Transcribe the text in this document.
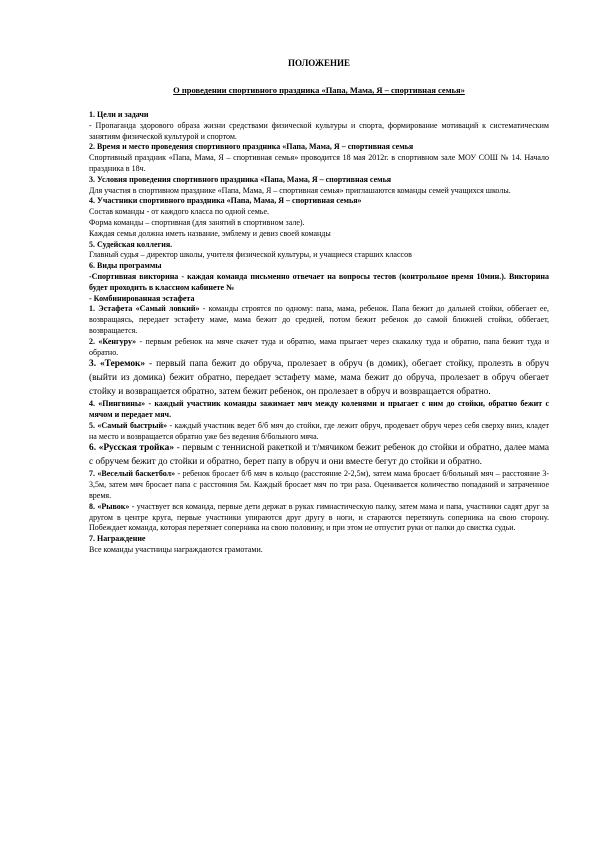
ПОЛОЖЕНИЕ

О проведении спортивного праздника «Папа, Мама, Я – спортивная семья»

1. Цели и задачи

- Пропаганда здорового образа жизни средствами физической культуры и спорта, формирование мотиваций к систематическим занятиям физической культурой и спортом.

2. Время и место проведения спортивного праздника «Папа, Мама, Я – спортивная семья

Спортивный праздник «Папа, Мама, Я – спортивная семья» проводится 18 мая 2012г. в спортивном зале МОУ СОШ № 14. Начало праздника в 18ч.

3. Условия проведения спортивного праздника «Папа, Мама, Я – спортивная семья

Для участия в спортивном празднике «Папа, Мама, Я – спортивная семья» приглашаются команды семей учащихся школы.

4. Участники спортивного праздника «Папа, Мама, Я – спортивная семья»

Состав команды - от каждого класса по одной семье.

Форма команды – спортивная (для занятий в спортивном зале).

Каждая семья должна иметь название, эмблему и девиз своей команды

5. Судейская коллегия.

Главный судья – директор школы, учителя физической культуры, и учащиеся старших классов

6. Виды программы

-Спортивная викторина - каждая команда письменно отвечает на вопросы тестов (контрольное время 10мин.). Викторина будет проходить в классном кабинете №

- Комбинированная эстафета

1. Эстафета «Самый ловкий» - команды строятся по одному: папа, мама, ребенок. Папа бежит до дальней стойки, оббегает ее, возвращаясь, передает эстафету маме, мама бежит до средней, потом бежит ребенок до самой ближней стойки, оббегает, возвращается.

2. «Кенгуру» - первым ребенок на мяче скачет туда и обратно, мама прыгает через скакалку туда и обратно, папа бежит туда и обратно.

3. «Теремок» - первый папа бежит до обруча, пролезает в обруч (в домик), обегает стойку, пролезть в обруч (выйти из домика) бежит обратно, передает эстафету маме, мама бежит до обруча, пролезает в обруч обегает стойку и возвращается обратно, затем бежит ребенок, он пролезает в обруч и возвращается обратно.

4. «Пингвины» - каждый участник команды зажимает мяч между коленями и прыгает с ним до стойки, обратно бежит с мячом и передает мяч.

5. «Самый быстрый» - каждый участник ведет б/б мяч до стойки, где лежит обруч, продевает обруч через себя сверху вниз, кладет на место и возвращается обратно уже без ведения б/больного мяча.

6. «Русская тройка» - первым с теннисной ракеткой и т/мячиком бежит ребенок до стойки и обратно, далее мама с обручем бежит до стойки и обратно, берет папу в обруч и они вместе бегут до стойки и обратно.

7. «Веселый баскетбол» - ребенок бросает б/б мяч в кольцо (расстояние 2-2,5м), затем мама бросает б/больный мяч – расстояние 3-3,5м, затем мяч бросает папа с расстояния 5м. Каждый бросает мяч по три раза. Оценивается количество попаданий и затраченное время.

8. «Рывок» - участвует вся команда, первые дети держат в руках гимнастическую палку, затем мама и папа, участники садят друг за другом в центре круга, первые участники упираются друг другу в ноги, и стараются перетянуть соперника на свою сторону. Побеждает команда, которая перетянет соперника на свою половину, и при этом не отпустит руки от палки до свистка судьи.

7. Награждение

Все команды участницы награждаются грамотами.
